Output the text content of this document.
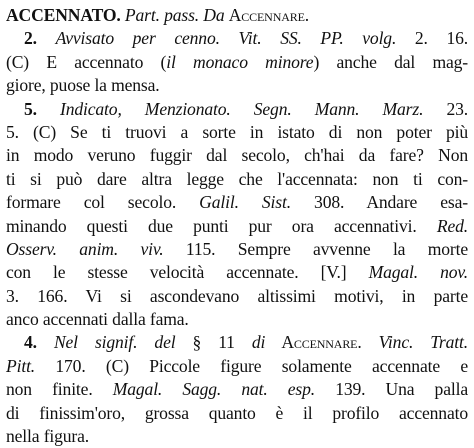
ACCENNATO. Part. pass. Da Accennare.
2. Avvisato per cenno. Vit. SS. PP. volg. 2. 16.
(C) E accennato (il monaco minore) anche dal mag-
giore, puose la mensa.
5. Indicato, Menzionato. Segn. Mann. Marz. 23.
5. (C) Se ti truovi a sorte in istato di non poter più
in modo veruno fuggir dal secolo, ch'hai da fare? Non
ti si può dare altra legge che l'accennata: non ti con-
formare col secolo. Galil. Sist. 308. Andare esa-
minando questi due punti pur ora accennativi. Red.
Osserv. anim. viv. 115. Sempre avvenne la morte
con le stesse velocità accennate. [V.] Magal. nov.
3. 166. Vi si ascondevano altissimi motivi, in parte
anco accennati dalla fama.
4. Nel signif. del § 11 di Accennare. Vinc. Tratt.
Pitt. 170. (C) Piccole figure solamente accennate e
non finite. Magal. Sagg. nat. esp. 139. Una palla
di finissim'oro, grossa quanto è il profilo accennato
nella figura.
